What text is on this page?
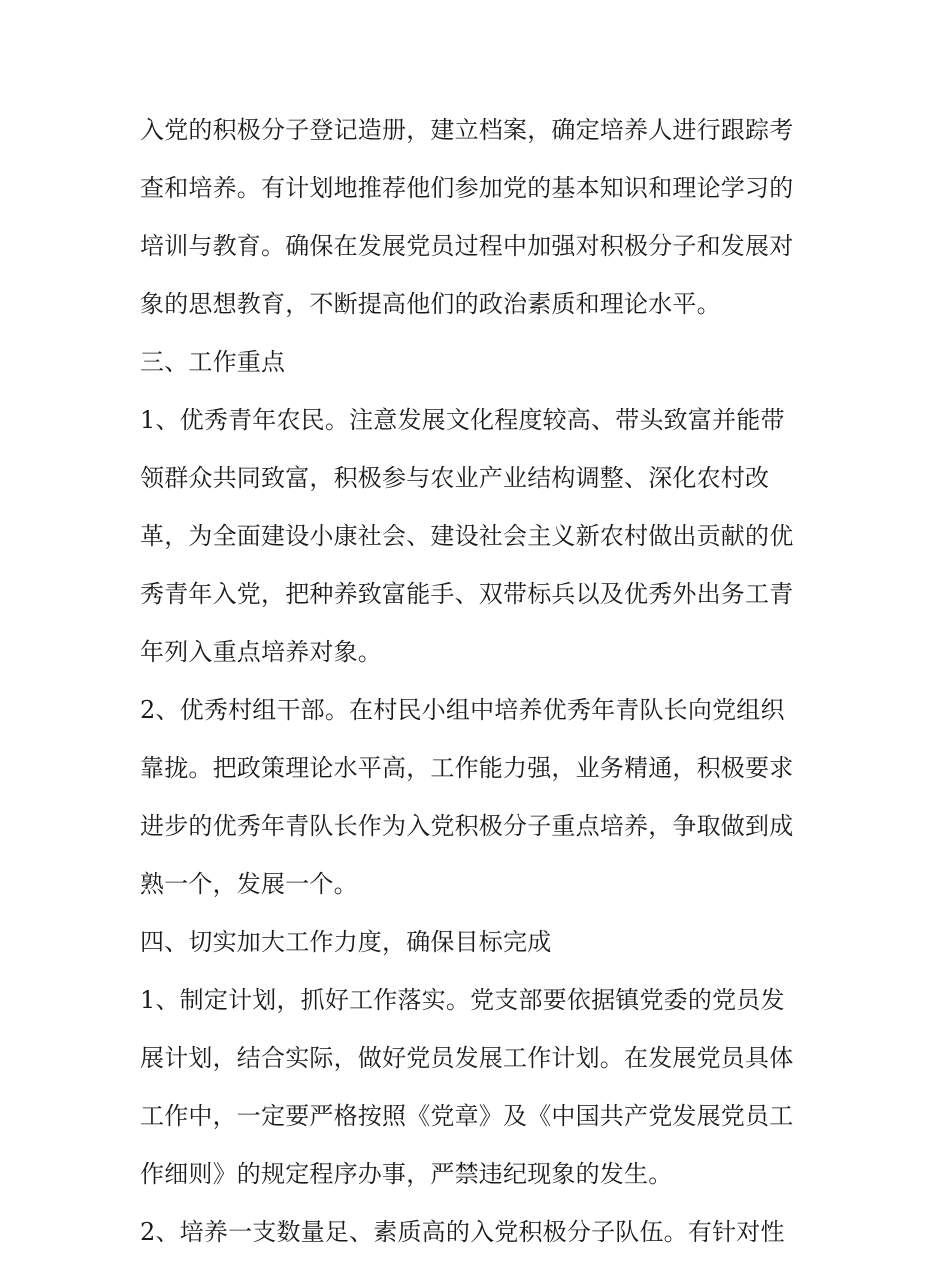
入党的积极分子登记造册，建立档案，确定培养人进行跟踪考
查和培养。有计划地推荐他们参加党的基本知识和理论学习的
培训与教育。确保在发展党员过程中加强对积极分子和发展对
象的思想教育，不断提高他们的政治素质和理论水平。
三、工作重点
1、优秀青年农民。注意发展文化程度较高、带头致富并能带
领群众共同致富，积极参与农业产业结构调整、深化农村改
革，为全面建设小康社会、建设社会主义新农村做出贡献的优
秀青年入党，把种养致富能手、双带标兵以及优秀外出务工青
年列入重点培养对象。
2、优秀村组干部。在村民小组中培养优秀年青队长向党组织
靠拢。把政策理论水平高，工作能力强，业务精通，积极要求
进步的优秀年青队长作为入党积极分子重点培养，争取做到成
熟一个，发展一个。
四、切实加大工作力度，确保目标完成
1、制定计划，抓好工作落实。党支部要依据镇党委的党员发
展计划，结合实际，做好党员发展工作计划。在发展党员具体
工作中，一定要严格按照《党章》及《中国共产党发展党员工
作细则》的规定程序办事，严禁违纪现象的发生。
2、培养一支数量足、素质高的入党积极分子队伍。有针对性
